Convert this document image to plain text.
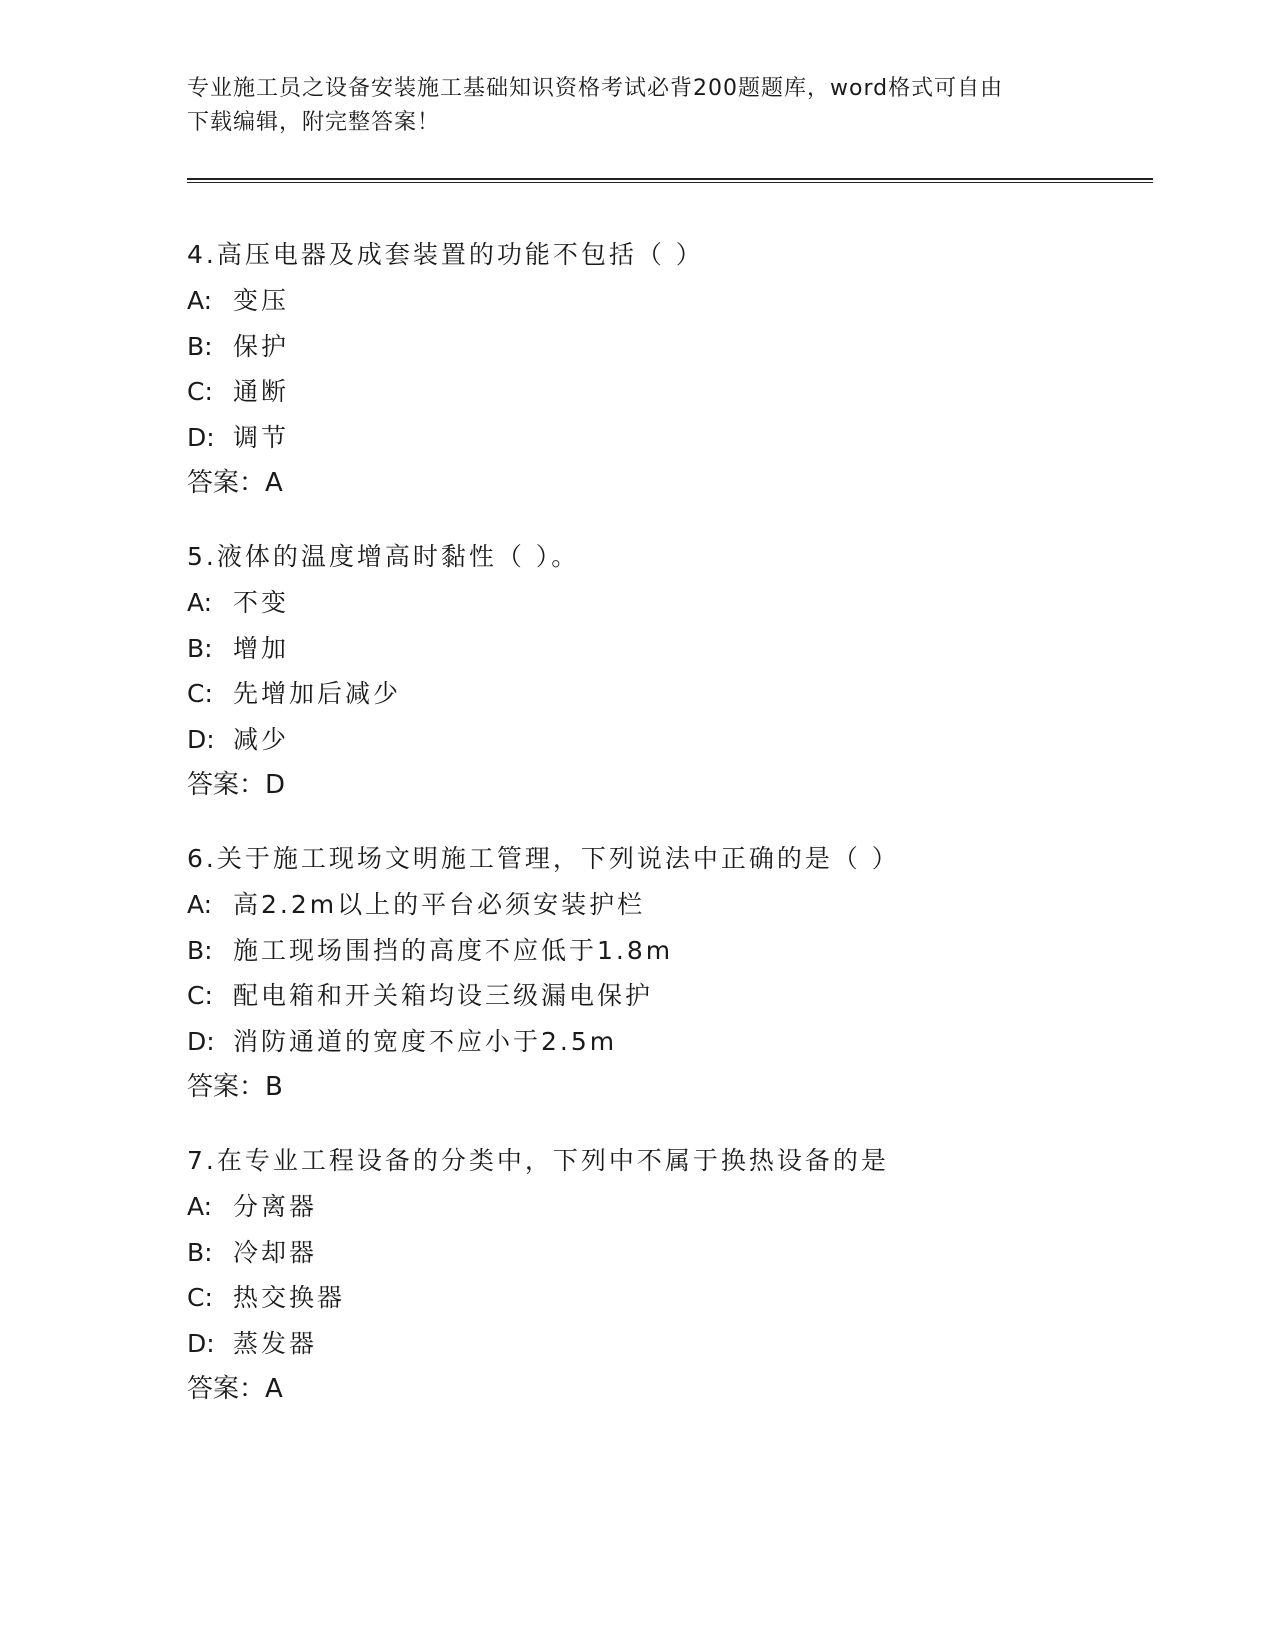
专业施工员之设备安装施工基础知识资格考试必背200题题库，word格式可自由
下载编辑，附完整答案！
4.高压电器及成套装置的功能不包括（ ）
A: 变压
B: 保护
C: 通断
D: 调节
答案：A
5.液体的温度增高时黏性（ ）。
A: 不变
B: 增加
C: 先增加后减少
D: 减少
答案：D
6.关于施工现场文明施工管理，下列说法中正确的是（ ）
A: 高2.2m以上的平台必须安装护栏
B: 施工现场围挡的高度不应低于1.8m
C: 配电箱和开关箱均设三级漏电保护
D: 消防通道的宽度不应小于2.5m
答案：B
7.在专业工程设备的分类中，下列中不属于换热设备的是
A: 分离器
B: 冷却器
C: 热交换器
D: 蒸发器
答案：A
